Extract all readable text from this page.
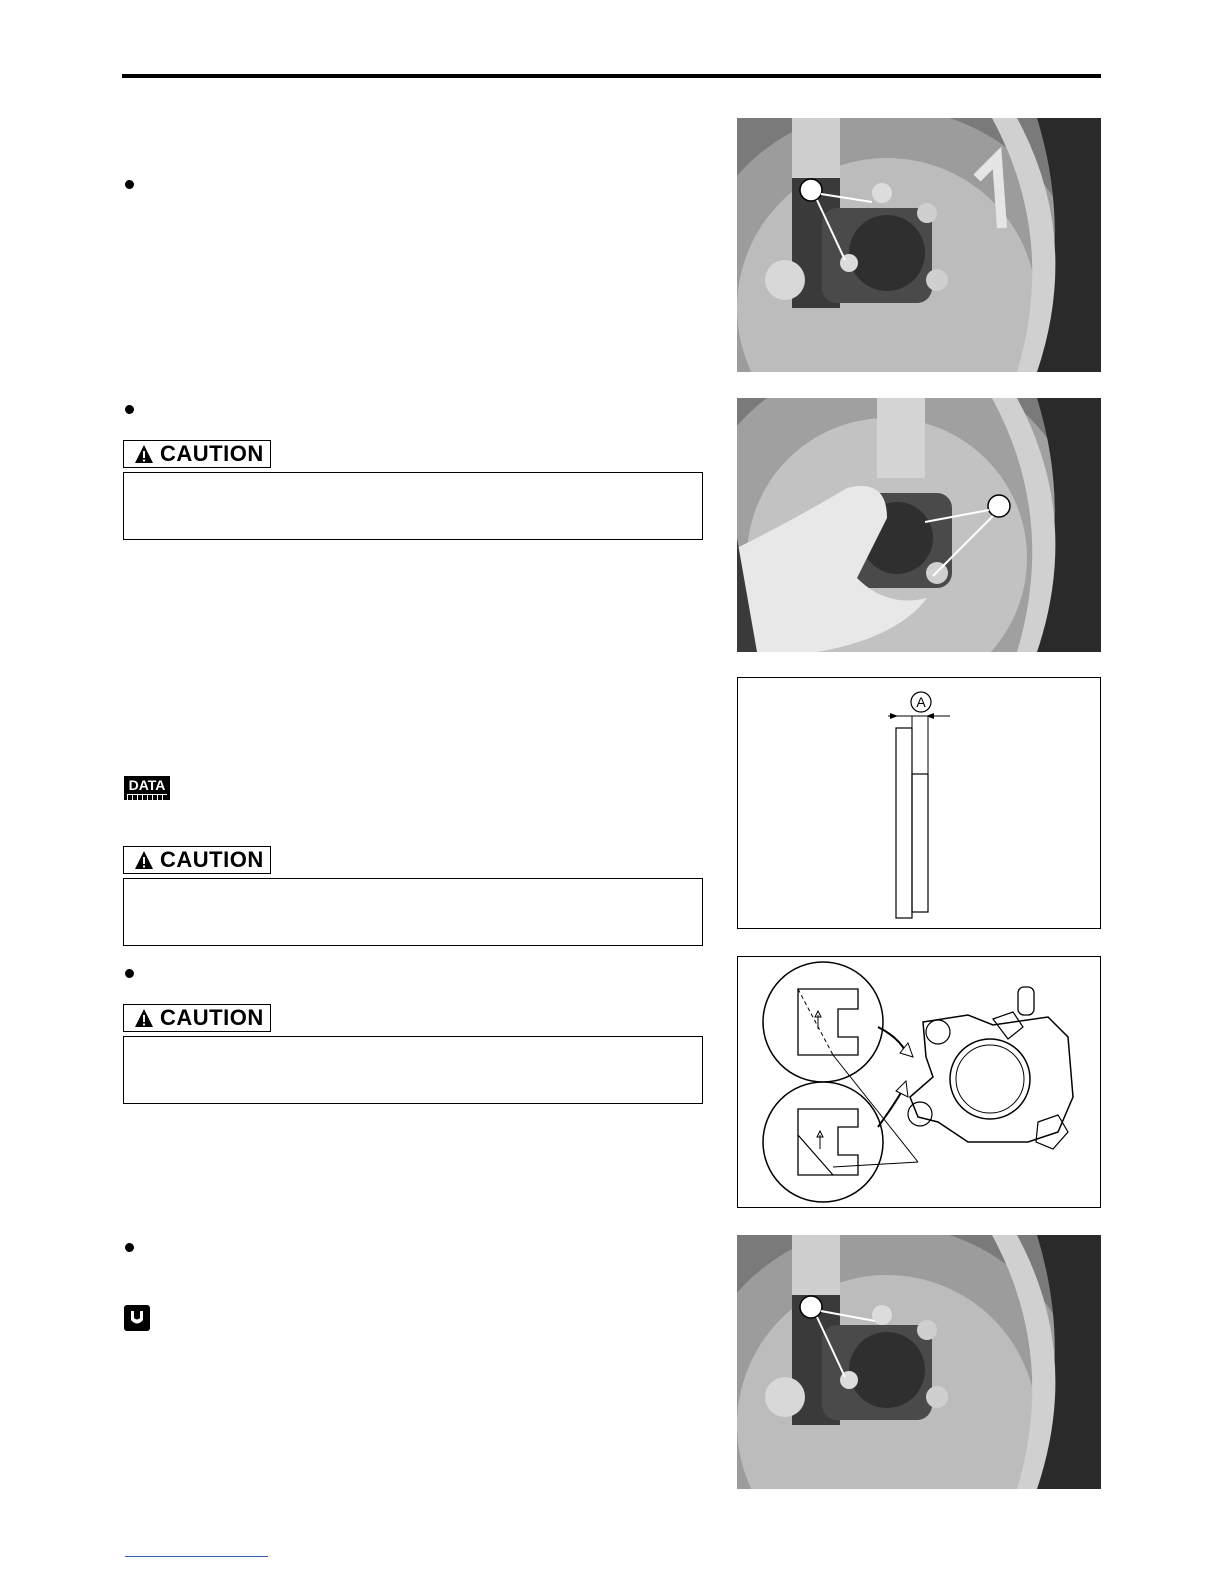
CAUTION
DATA
CAUTION
CAUTION
A
